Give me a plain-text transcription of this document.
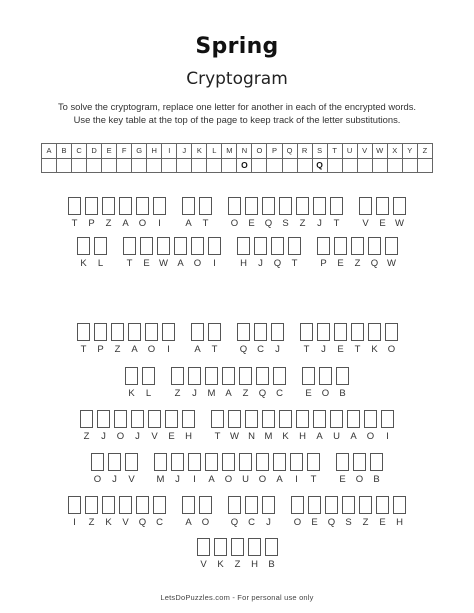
Spring
Cryptogram
To solve the cryptogram, replace one letter for another in each of the encrypted words.
Use the key table at the top of the page to keep track of the letter substitutions.
A	B	C	D	E	F	G	H	I	J	K	L	M	N	O	P	Q	R	S	T	U	V	W	X	Y	Z
													O					Q							
T	P	Z	A	O	I	A	T	O	E	Q	S	Z	J	T	V	E W
K	L	T	E W A	O	I	H	J	Q	T	P	E	Z	Q W
T	P	Z	A	O	I	A	T	Q	C	J	T	J	E	T	K	O
K	L	Z	J	M	A	Z	Q	C	E	O	B
Z	J	O	J	V	E	H	T	W N	M	K	H	A	U	A	O	I
O	J	V	M	J	I	A	O	U	O	A	I	T	E	O	B
I	Z	K	V	Q	C	A	O Q	C	J	O	E	Q	S	Z	E	H
V	K	Z	H	B
LetsDoPuzzles.com - For personal use only
